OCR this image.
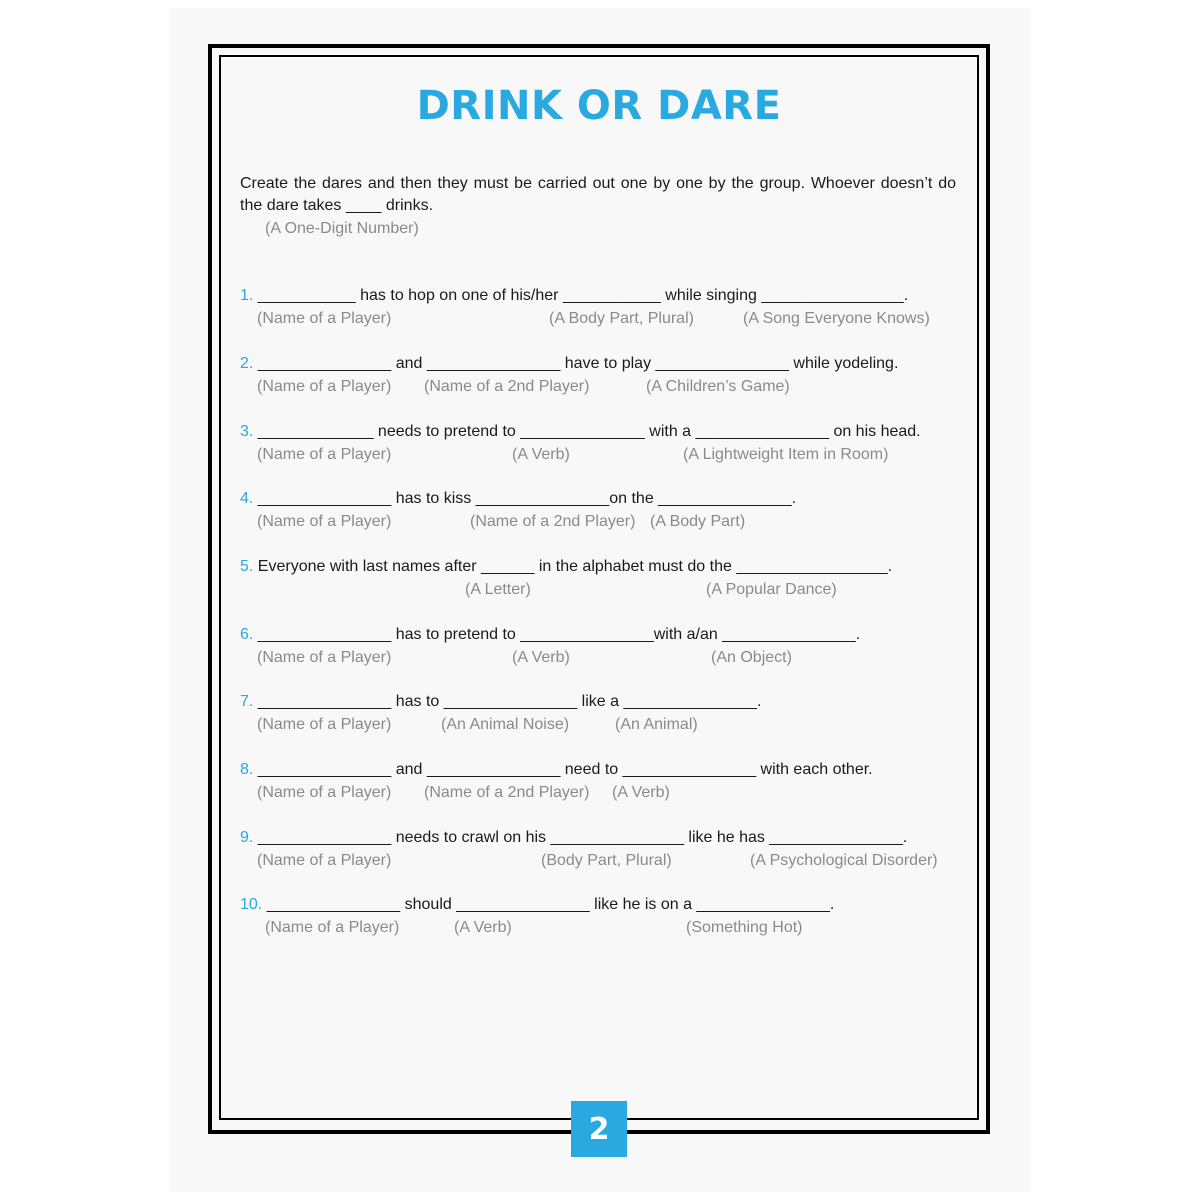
DRINK OR DARE
Create the dares and then they must be carried out one by one by the group. Whoever doesn’t do the dare takes ____ drinks.
(A One-Digit Number)
1. ___________ has to hop on one of his/her ___________ while singing ________________.
(Name of a Player)	(A Body Part, Plural)	(A Song Everyone Knows)
2. _______________ and _______________ have to play _______________ while yodeling.
(Name of a Player) (Name of a 2nd Player)	(A Children’s Game)
3. _____________ needs to pretend to ______________ with a _______________ on his head.
(Name of a Player)	(A Verb)	(A Lightweight Item in Room)
4. _______________ has to kiss _______________on the _______________.
(Name of a Player)	(Name of a 2nd Player) (A Body Part)
5. Everyone with last names after ______ in the alphabet must do the _________________.
(A Letter)	(A Popular Dance)
6. _______________ has to pretend to _______________with a/an _______________.
(Name of a Player)	(A Verb)	(An Object)
7. _______________ has to _______________ like a _______________.
(Name of a Player)	(An Animal Noise)	(An Animal)
8. _______________ and _______________ need to _______________ with each other.
(Name of a Player) (Name of a 2nd Player) (A Verb)
9. _______________ needs to crawl on his _______________ like he has _______________.
(Name of a Player)	(Body Part, Plural)	(A Psychological Disorder)
10. _______________ should _______________ like he is on a _______________.
(Name of a Player)	(A Verb)	(Something Hot)
2
